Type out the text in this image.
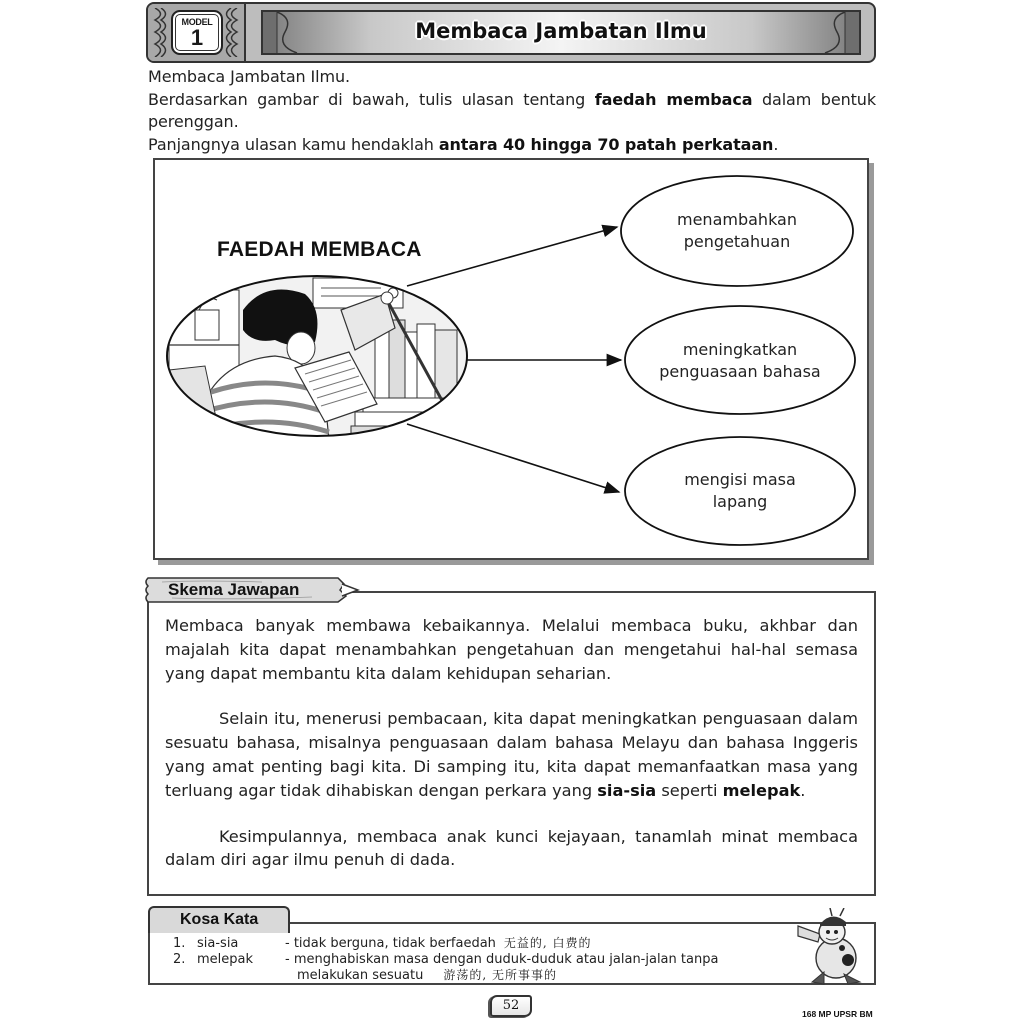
MODEL
1	Membaca Jambatan Ilmu

Membaca Jambatan Ilmu.

Berdasarkan gambar di bawah, tulis ulasan tentang faedah membaca dalam bentuk perenggan.

Panjangnya ulasan kamu hendaklah antara 40 hingga 70 patah perkataan.

FAEDAH MEMBACA
menambahkan
pengetahuan
meningkatkan
penguasaan bahasa
mengisi masa
lapang
Skema Jawapan

Membaca banyak membawa kebaikannya. Melalui membaca buku, akhbar dan majalah kita dapat menambahkan pengetahuan dan mengetahui hal-hal semasa yang dapat membantu kita dalam kehidupan seharian.

Selain itu, menerusi pembacaan, kita dapat meningkatkan penguasaan dalam sesuatu bahasa, misalnya penguasaan dalam bahasa Melayu dan bahasa Inggeris yang amat penting bagi kita. Di samping itu, kita dapat memanfaatkan masa yang terluang agar tidak dihabiskan dengan perkara yang sia-sia seperti melepak.

Kesimpulannya, membaca anak kunci kejayaan, tanamlah minat membaca dalam diri agar ilmu penuh di dada.

Kosa Kata
1. sia-sia	- tidak berguna, tidak berfaedah 无益的, 白费的
2. melepak - menghabiskan masa dengan duduk-duduk atau jalan-jalan tanpa
melakukan sesuatu 游荡的, 无所事事的
52
168 MP UPSR BM
